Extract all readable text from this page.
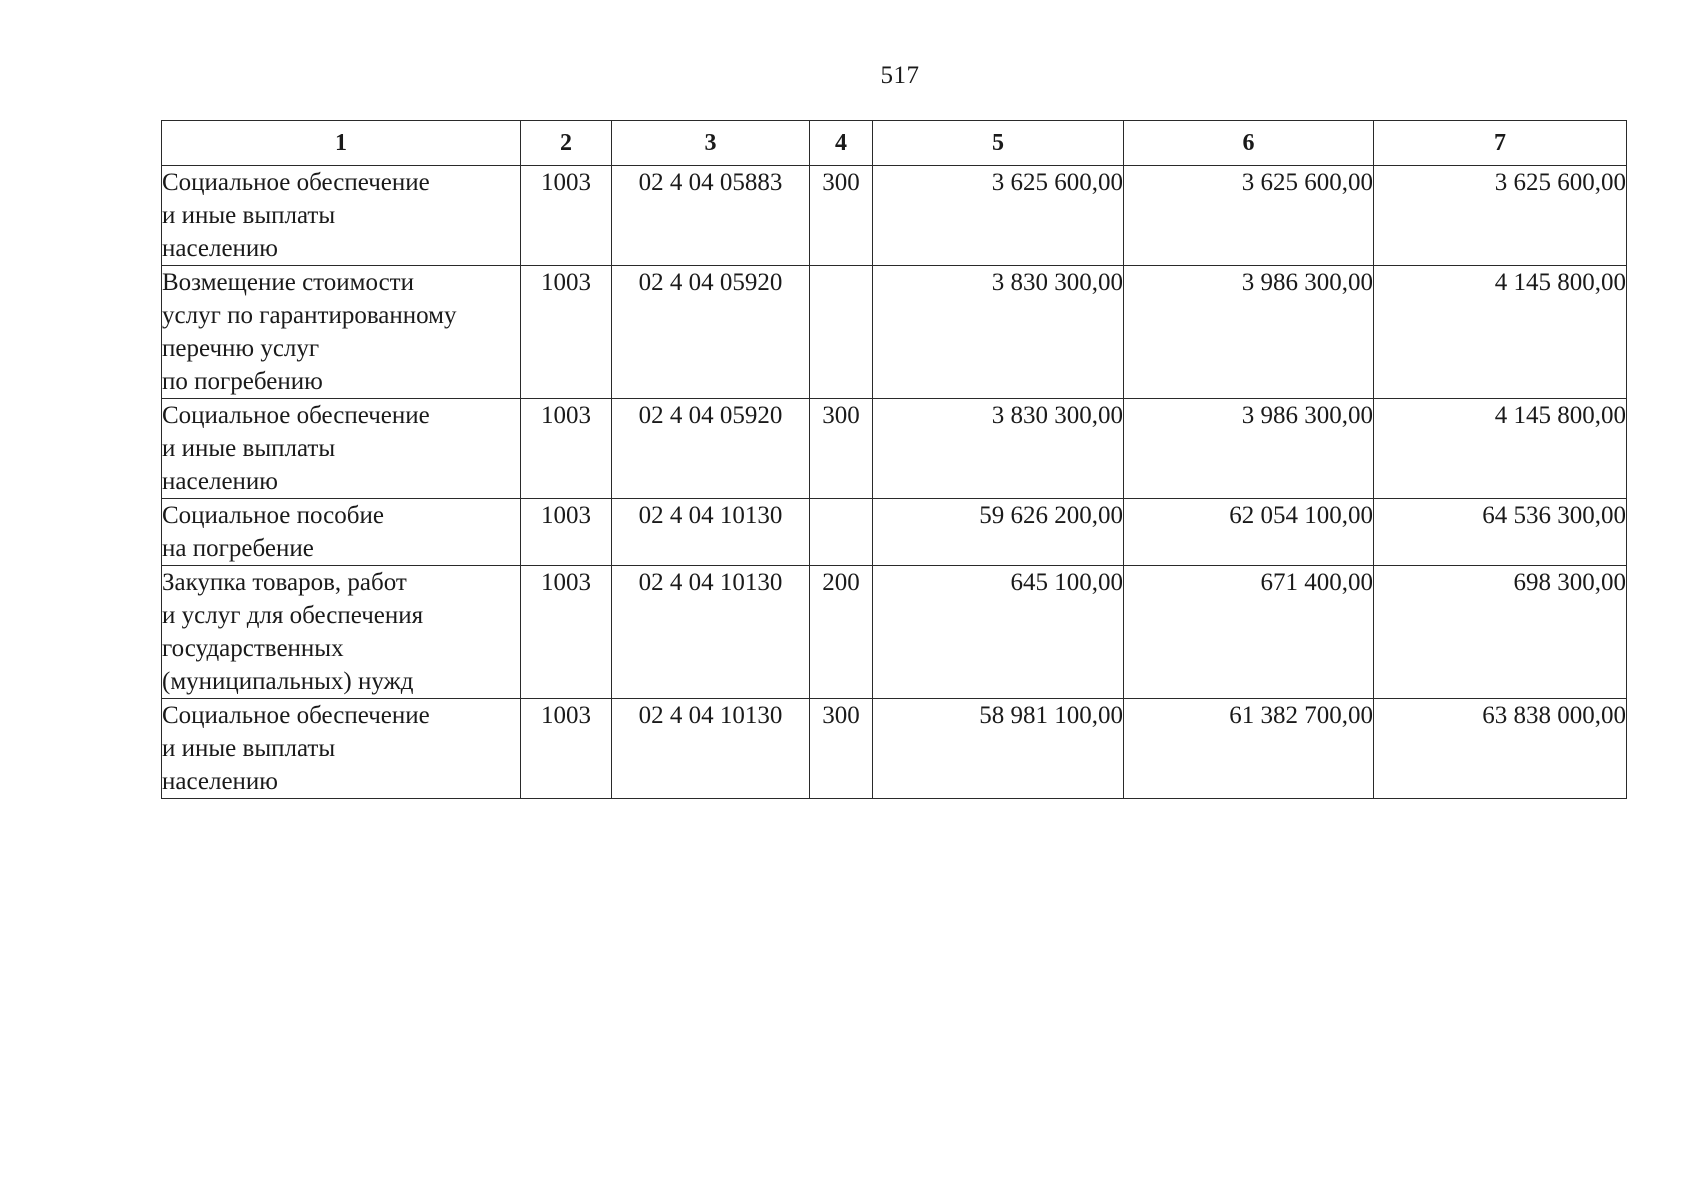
517
1	2	3	4	5	6	7

Социальное обеспечение
и иные выплаты
населению	1003	02 4 04 05883	300	3 625 600,00	3 625 600,00	3 625 600,00

Возмещение стоимости
услуг по гарантированному
перечню услуг
по погребению	1003	02 4 04 05920		3 830 300,00	3 986 300,00	4 145 800,00

Социальное обеспечение
и иные выплаты
населению	1003	02 4 04 05920	300	3 830 300,00	3 986 300,00	4 145 800,00

Социальное пособие
на погребение	1003	02 4 04 10130		59 626 200,00	62 054 100,00	64 536 300,00

Закупка товаров, работ
и услуг для обеспечения
государственных
(муниципальных) нужд	1003	02 4 04 10130	200	645 100,00	671 400,00	698 300,00

Социальное обеспечение
и иные выплаты
населению	1003	02 4 04 10130	300	58 981 100,00	61 382 700,00	63 838 000,00
